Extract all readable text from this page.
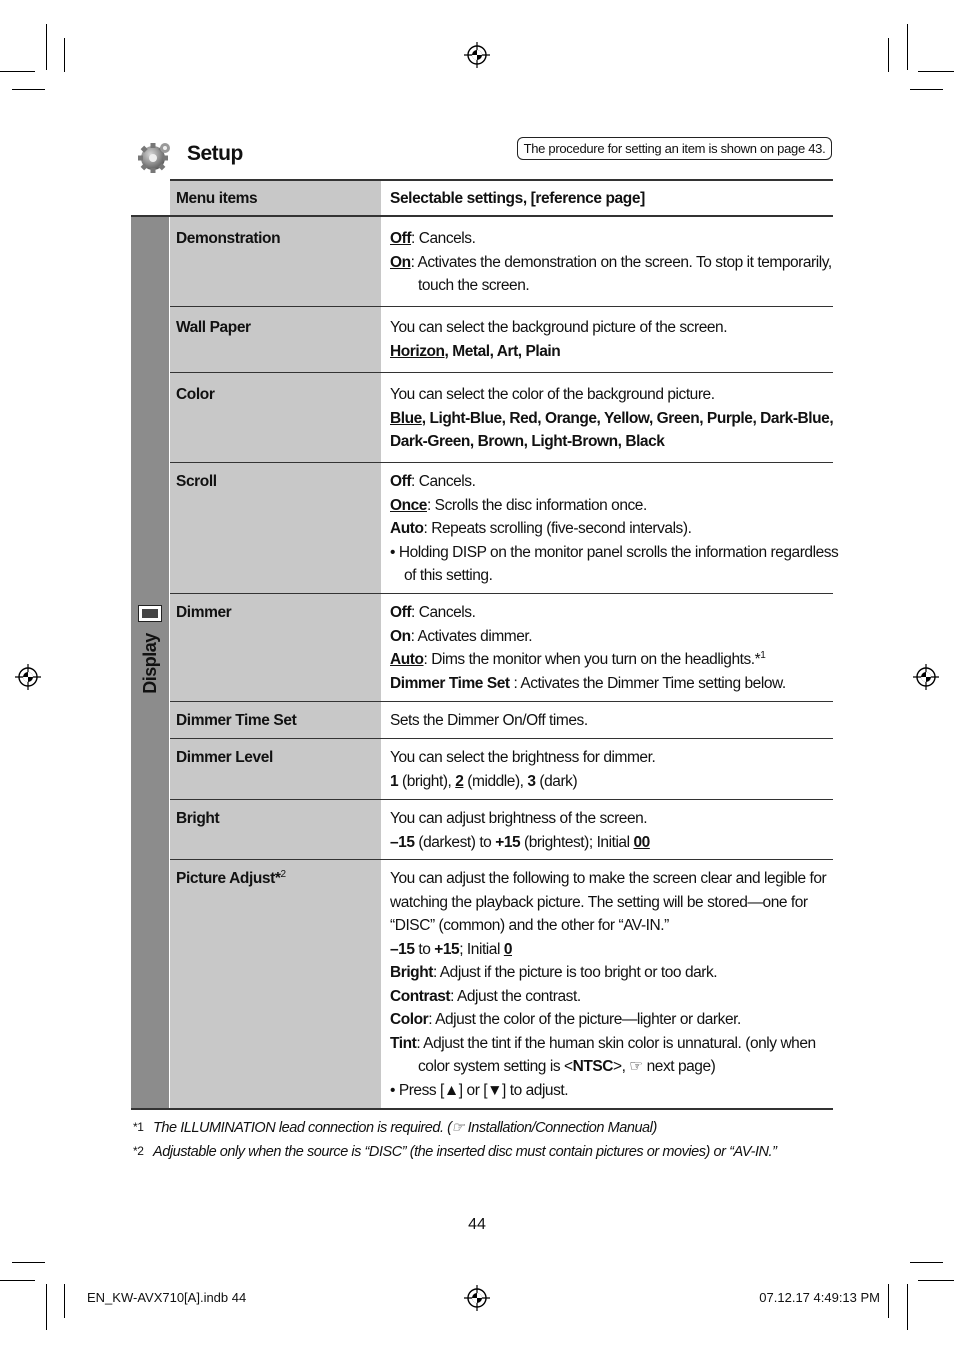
Setup	The procedure for setting an item is shown on page 43.
Display
Menu items	Selectable settings, [reference page]
Demonstration	Off: Cancels.
On: Activates the demonstration on the screen. To stop it temporarily,
touch the screen.
Wall Paper	You can select the background picture of the screen.
Horizon, Metal, Art, Plain
Color	You can select the color of the background picture.
Blue, Light-Blue, Red, Orange, Yellow, Green, Purple, Dark-Blue,
Dark-Green, Brown, Light-Brown, Black
Scroll	Off: Cancels.
Once: Scrolls the disc information once.
Auto: Repeats scrolling (five-second intervals).
• Holding DISP on the monitor panel scrolls the information regardless
of this setting.
Dimmer	Off: Cancels.
On: Activates dimmer.
Auto: Dims the monitor when you turn on the headlights.*$^1$
Dimmer Time Set : Activates the Dimmer Time setting below.
Dimmer Time Set	Sets the Dimmer On/Off times.
Dimmer Level	You can select the brightness for dimmer.
1 (bright), 2 (middle), 3 (dark)
Bright	You can adjust brightness of the screen.
–15 (darkest) to +15 (brightest); Initial 00
Picture Adjust*$^2$	You can adjust the following to make the screen clear and legible for
watching the playback picture. The setting will be stored—one for
“DISC” (common) and the other for “AV-IN.”
–15 to +15; Initial 0
Bright: Adjust if the picture is too bright or too dark.
Contrast: Adjust the contrast.
Color: Adjust the color of the picture—lighter or darker.
Tint: Adjust the tint if the human skin color is unnatural. (only when
color system setting is <NTSC>, ☞ next page)
• Press [▲] or [▼] to adjust.
*1 The ILLUMINATION lead connection is required. (☞ Installation/Connection Manual)
*2 Adjustable only when the source is “DISC” (the inserted disc must contain pictures or movies) or “AV-IN.”
44
EN_KW-AVX710[A].indb 44	07.12.17 4:49:13 PM
